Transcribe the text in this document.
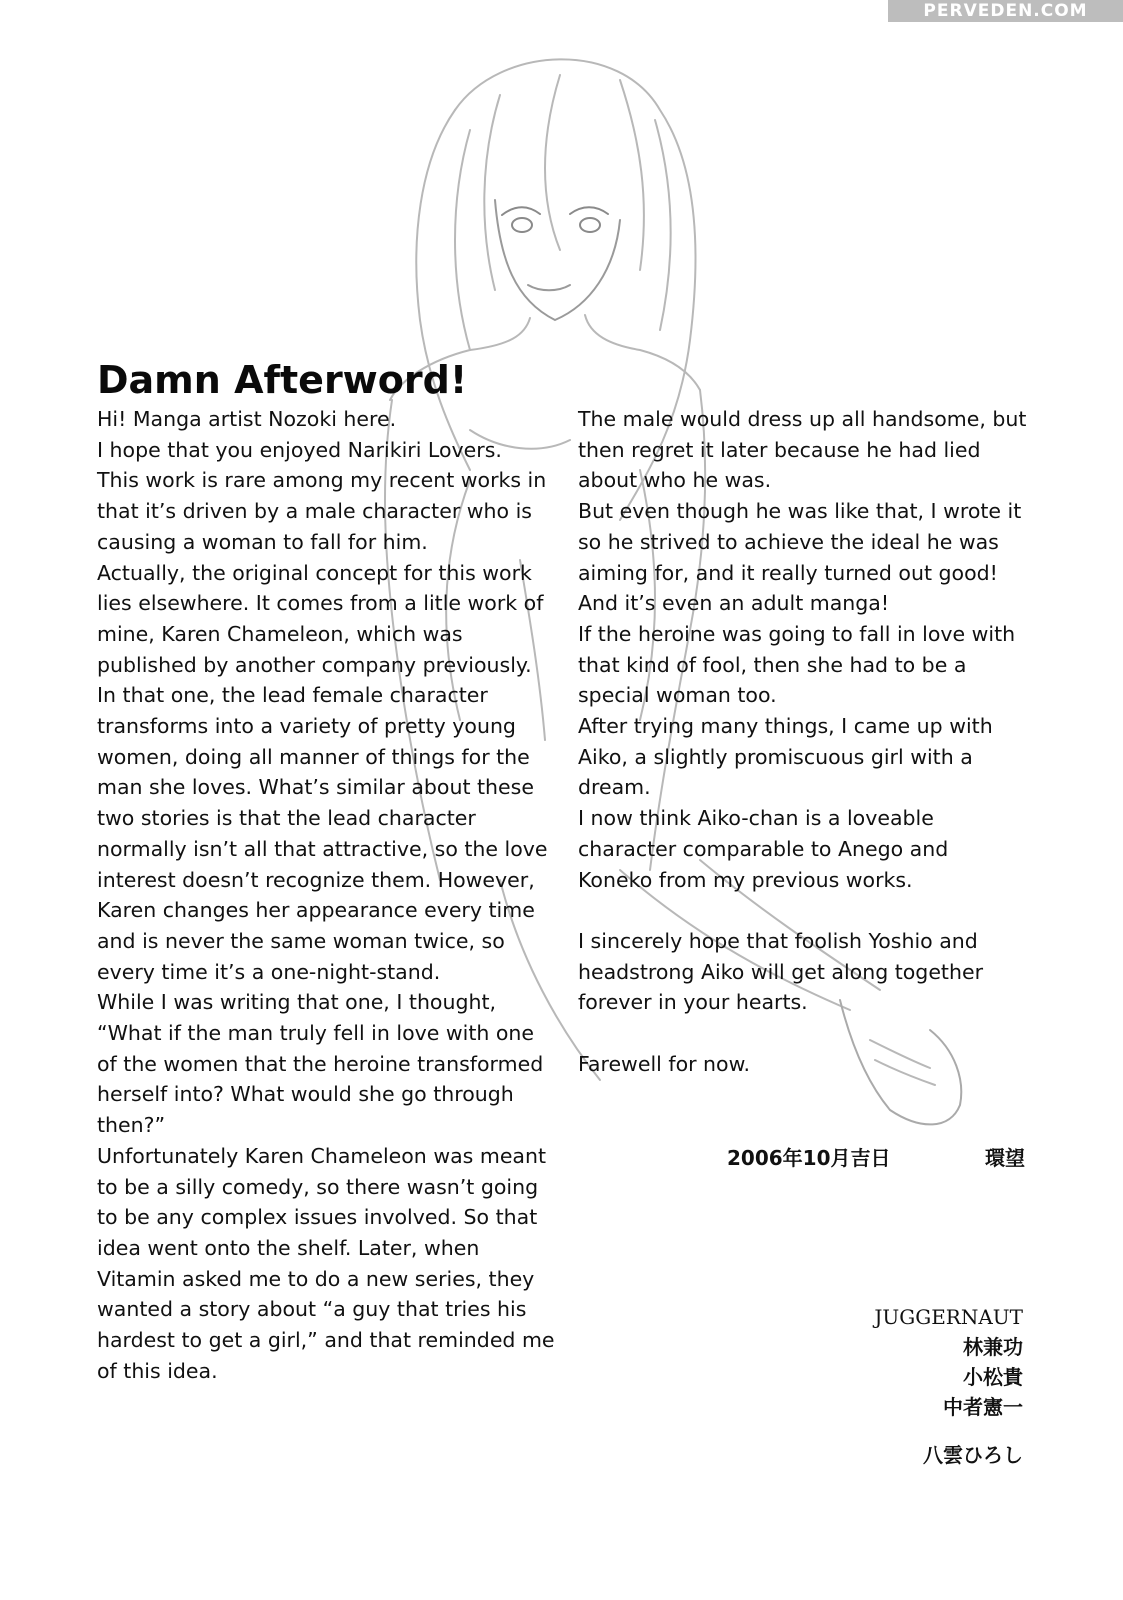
PERVEDEN.COM
Damn Afterword!

Hi! Manga artist Nozoki here.

I hope that you enjoyed Narikiri Lovers.

This work is rare among my recent works in that it’s driven by a male character who is causing a woman to fall for him.

Actually, the original concept for this work lies elsewhere. It comes from a litle work of mine, Karen Chameleon, which was published by another company previously.

In that one, the lead female character transforms into a variety of pretty young women, doing all manner of things for the man she loves. What’s similar about these two stories is that the lead character normally isn’t all that attractive, so the love interest doesn’t recognize them. However, Karen changes her appearance every time and is never the same woman twice, so every time it’s a one-night-stand.

While I was writing that one, I thought, “What if the man truly fell in love with one of the women that the heroine transformed herself into? What would she go through then?”

Unfortunately Karen Chameleon was meant to be a silly comedy, so there wasn’t going to be any complex issues involved. So that idea went onto the shelf. Later, when Vitamin asked me to do a new series, they wanted a story about “a guy that tries his hardest to get a girl,” and that reminded me of this idea.

The male would dress up all handsome, but then regret it later because he had lied about who he was.

But even though he was like that, I wrote it so he strived to achieve the ideal he was aiming for, and it really turned out good!

And it’s even an adult manga!

If the heroine was going to fall in love with that kind of fool, then she had to be a special woman too.

After trying many things, I came up with Aiko, a slightly promiscuous girl with a dream.

I now think Aiko-chan is a loveable character comparable to Anego and Koneko from my previous works.

I sincerely hope that foolish Yoshio and headstrong Aiko will get along together forever in your hearts.

Farewell for now.

2006年10月吉日	環望
JUGGERNAUT
林兼功
小松貴
中者憲一
八雲ひろし
